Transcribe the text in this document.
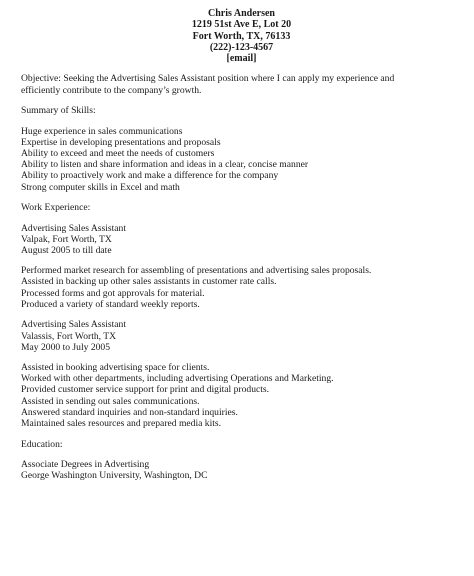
Chris Andersen
1219 51st Ave E, Lot 20
Fort Worth, TX, 76133
(222)-123-4567
[email]
Objective: Seeking the Advertising Sales Assistant position where I can apply my experience and
efficiently contribute to the company’s growth.
Summary of Skills:
Huge experience in sales communications
Expertise in developing presentations and proposals
Ability to exceed and meet the needs of customers
Ability to listen and share information and ideas in a clear, concise manner
Ability to proactively work and make a difference for the company
Strong computer skills in Excel and math
Work Experience:
Advertising Sales Assistant
Valpak, Fort Worth, TX
August 2005 to till date
Performed market research for assembling of presentations and advertising sales proposals.
Assisted in backing up other sales assistants in customer rate calls.
Processed forms and got approvals for material.
Produced a variety of standard weekly reports.
Advertising Sales Assistant
Valassis, Fort Worth, TX
May 2000 to July 2005
Assisted in booking advertising space for clients.
Worked with other departments, including advertising Operations and Marketing.
Provided customer service support for print and digital products.
Assisted in sending out sales communications.
Answered standard inquiries and non-standard inquiries.
Maintained sales resources and prepared media kits.
Education:
Associate Degrees in Advertising
George Washington University, Washington, DC
